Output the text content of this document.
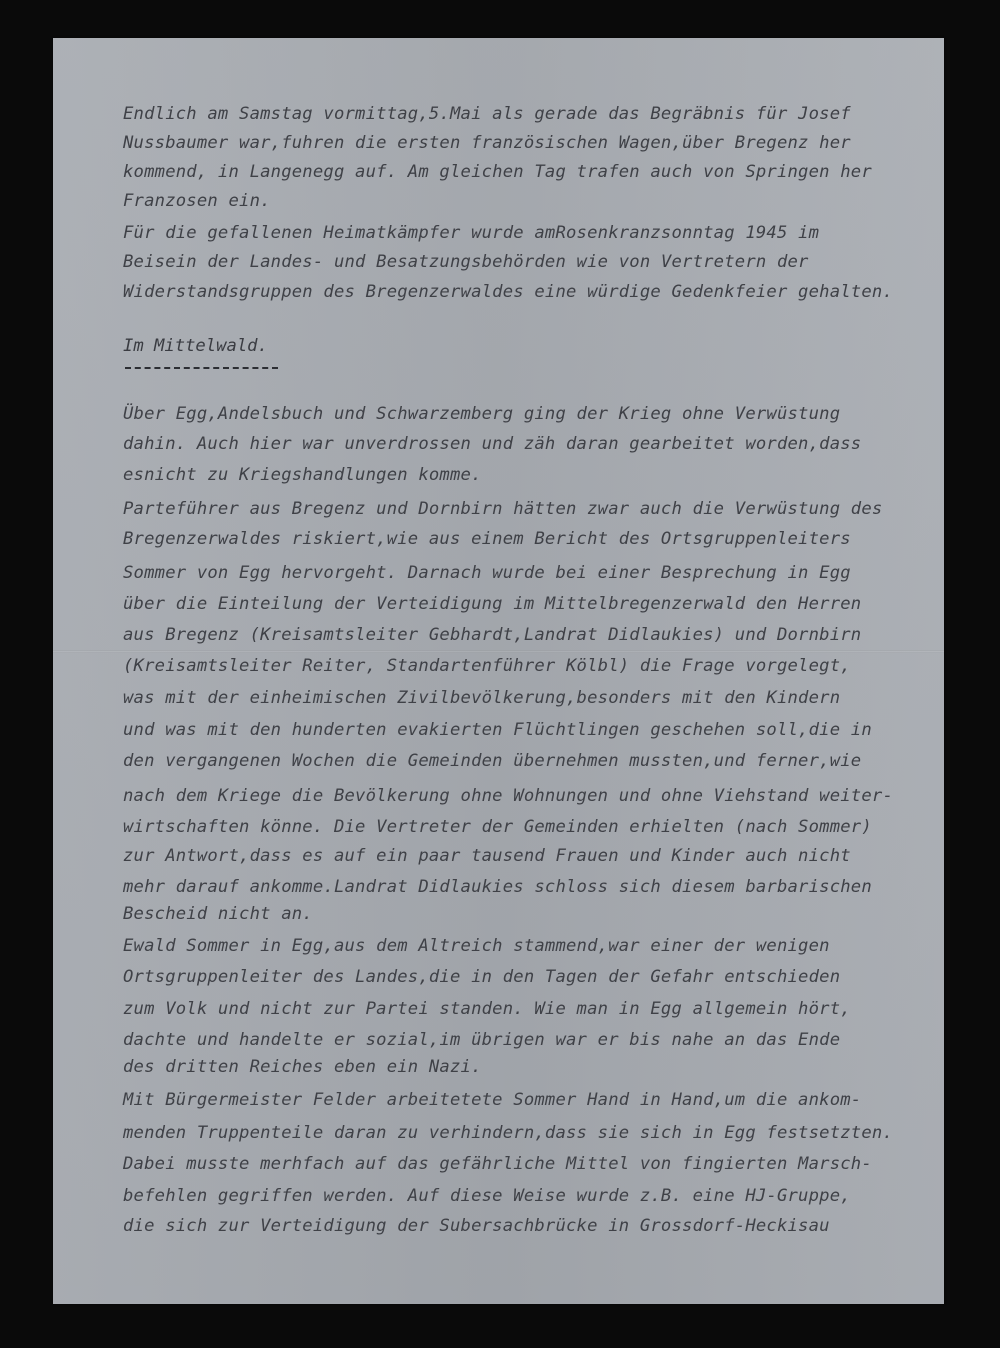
Endlich am Samstag vormittag,5.Mai als gerade das Begräbnis für Josef
Nussbaumer war,fuhren die ersten französischen Wagen,über Bregenz her
kommend, in Langenegg auf. Am gleichen Tag trafen auch von Springen her
Franzosen ein.
Für die gefallenen Heimatkämpfer wurde amRosenkranzsonntag 1945 im
Beisein der Landes- und Besatzungsbehörden wie von Vertretern der
Widerstandsgruppen des Bregenzerwaldes eine würdige Gedenkfeier gehalten.
Im Mittelwald.
Über Egg,Andelsbuch und Schwarzemberg ging der Krieg ohne Verwüstung
dahin. Auch hier war unverdrossen und zäh daran gearbeitet worden,dass
esnicht zu Kriegshandlungen komme.
Parteführer aus Bregenz und Dornbirn hätten zwar auch die Verwüstung des
Bregenzerwaldes riskiert,wie aus einem Bericht des Ortsgruppenleiters
Sommer von Egg hervorgeht. Darnach wurde bei einer Besprechung in Egg
über die Einteilung der Verteidigung im Mittelbregenzerwald den Herren
aus Bregenz (Kreisamtsleiter Gebhardt,Landrat Didlaukies) und Dornbirn
(Kreisamtsleiter Reiter, Standartenführer Kölbl) die Frage vorgelegt,
was mit der einheimischen Zivilbevölkerung,besonders mit den Kindern
und was mit den hunderten evakierten Flüchtlingen geschehen soll,die in
den vergangenen Wochen die Gemeinden übernehmen mussten,und ferner,wie
nach dem Kriege die Bevölkerung ohne Wohnungen und ohne Viehstand weiter-
wirtschaften könne. Die Vertreter der Gemeinden erhielten (nach Sommer)
zur Antwort,dass es auf ein paar tausend Frauen und Kinder auch nicht
mehr darauf ankomme.Landrat Didlaukies schloss sich diesem barbarischen
Bescheid nicht an.
Ewald Sommer in Egg,aus dem Altreich stammend,war einer der wenigen
Ortsgruppenleiter des Landes,die in den Tagen der Gefahr entschieden
zum Volk und nicht zur Partei standen. Wie man in Egg allgemein hört,
dachte und handelte er sozial,im übrigen war er bis nahe an das Ende
des dritten Reiches eben ein Nazi.
Mit Bürgermeister Felder arbeitetete Sommer Hand in Hand,um die ankom-
menden Truppenteile daran zu verhindern,dass sie sich in Egg festsetzten.
Dabei musste merhfach auf das gefährliche Mittel von fingierten Marsch-
befehlen gegriffen werden. Auf diese Weise wurde z.B. eine HJ-Gruppe,
die sich zur Verteidigung der Subersachbrücke in Grossdorf-Heckisau
